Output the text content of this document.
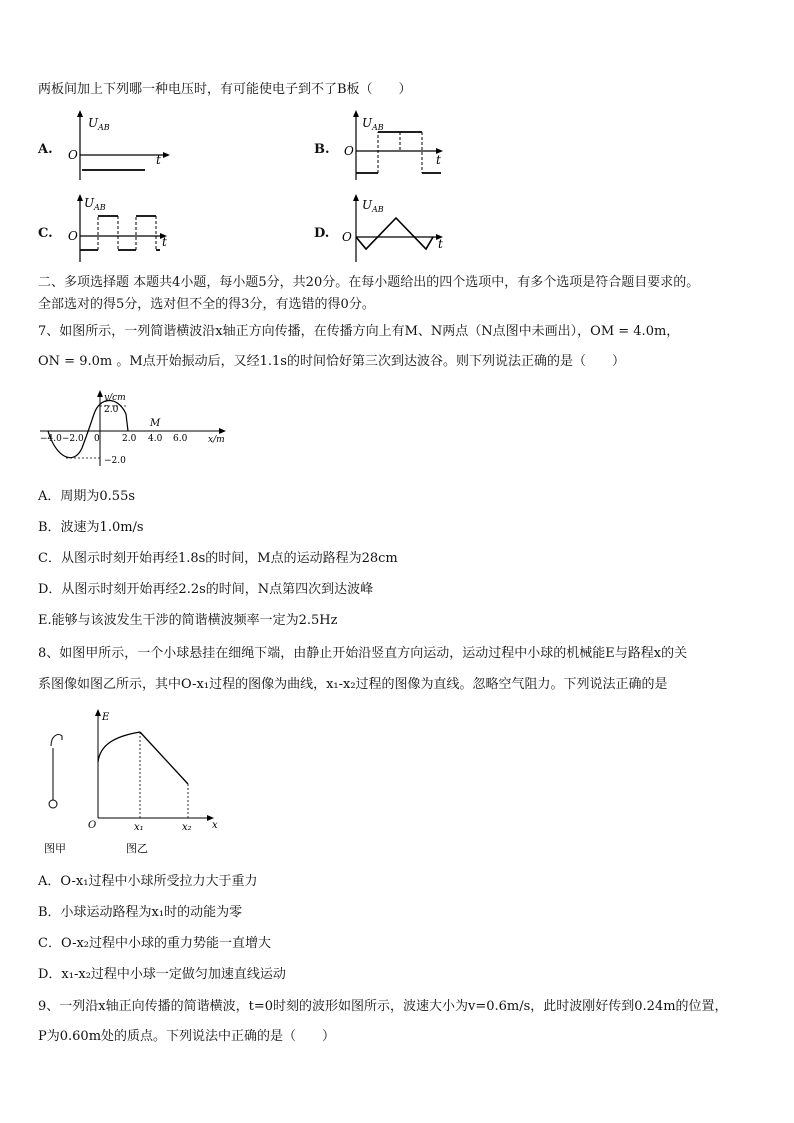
两板间加上下列哪一种电压时，有可能使电子到不了B板（　　）
A.	B.
C.	D.
U AB
O	t
U AB
O
t
U AB
O	t
U AB
O	t
二、多项选择题 本题共4小题，每小题5分，共20分。在每小题给出的四个选项中，有多个选项是符合题目要求的。
全部选对的得5分，选对但不全的得3分，有选错的得0分。
7、如图所示，一列简谐横波沿x轴正方向传播，在传播方向上有M、N两点（N点图中未画出），OM = 4.0m，
ON = 9.0m 。M点开始振动后，又经1.1s的时间恰好第三次到达波谷。则下列说法正确的是（　　）
y/cm
2.0
−4.0−2.0 0 2.0 4.0 6.0
M
x/m
−2.0
A．周期为0.55s
B．波速为1.0m/s
C．从图示时刻开始再经1.8s的时间，M点的运动路程为28cm
D．从图示时刻开始再经2.2s的时间，N点第四次到达波峰
E.能够与该波发生干涉的简谐横波频率一定为2.5Hz
8、如图甲所示，一个小球悬挂在细绳下端，由静止开始沿竖直方向运动，运动过程中小球的机械能E与路程x的关
系图像如图乙所示，其中O-x₁过程的图像为曲线，x₁-x₂过程的图像为直线。忽略空气阻力。下列说法正确的是
E
O	x₁	x₂ x
图甲	图乙
A．O-x₁过程中小球所受拉力大于重力
B．小球运动路程为x₁时的动能为零
C．O-x₂过程中小球的重力势能一直增大
D．x₁-x₂过程中小球一定做匀加速直线运动
9、一列沿x轴正向传播的简谐横波，t=0时刻的波形如图所示，波速大小为v=0.6m/s，此时波刚好传到0.24m的位置，
P为0.60m处的质点。下列说法中正确的是（　　）
